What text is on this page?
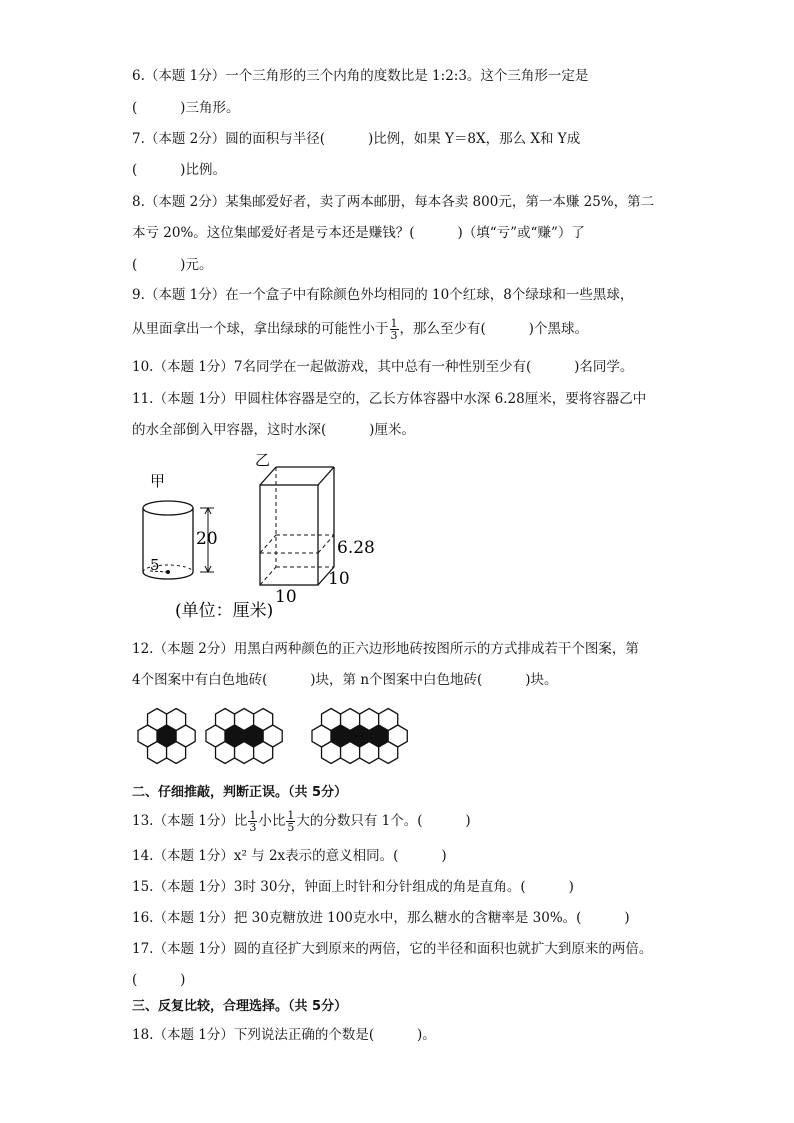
6.（本题 1分）一个三角形的三个内角的度数比是 1:2:3。这个三角形一定是
(          )三角形。
7.（本题 2分）圆的面积与半径(          )比例，如果 Y＝8X，那么 X和 Y成
(          )比例。
8.（本题 2分）某集邮爱好者，卖了两本邮册，每本各卖 800元，第一本赚 25%，第二
本亏 20%。这位集邮爱好者是亏本还是赚钱？(          )（填“亏”或“赚”）了
(          )元。
9.（本题 1分）在一个盒子中有除颜色外均相同的 10个红球，8个绿球和一些黑球，
从里面拿出一个球，拿出绿球的可能性小于 $\frac{1}{3}$ ，那么至少有(          )个黑球。
10.（本题 1分）7名同学在一起做游戏，其中总有一种性别至少有(          )名同学。
11.（本题 1分）甲圆柱体容器是空的，乙长方体容器中水深 6.28厘米，要将容器乙中
的水全部倒入甲容器，这时水深(          )厘米。
甲
5
20
乙
6.28
10
10
(单位：厘米)
12.（本题 2分）用黑白两种颜色的正六边形地砖按图所示的方式排成若干个图案，第
4个图案中有白色地砖(          )块，第 n个图案中白色地砖(          )块。
二、仔细推敲，判断正误。（共 5分）
13.（本题 1分）比 $\frac{1}{3}$ 小比 $\frac{1}{5}$ 大的分数只有 1个。(          )
14.（本题 1分）x² 与 2x表示的意义相同。(          )
15.（本题 1分）3时 30分，钟面上时针和分针组成的角是直角。(          )
16.（本题 1分）把 30克糖放进 100克水中，那么糖水的含糖率是 30%。(          )
17.（本题 1分）圆的直径扩大到原来的两倍，它的半径和面积也就扩大到原来的两倍。
(          )
三、反复比较，合理选择。（共 5分）
18.（本题 1分）下列说法正确的个数是(          )。
